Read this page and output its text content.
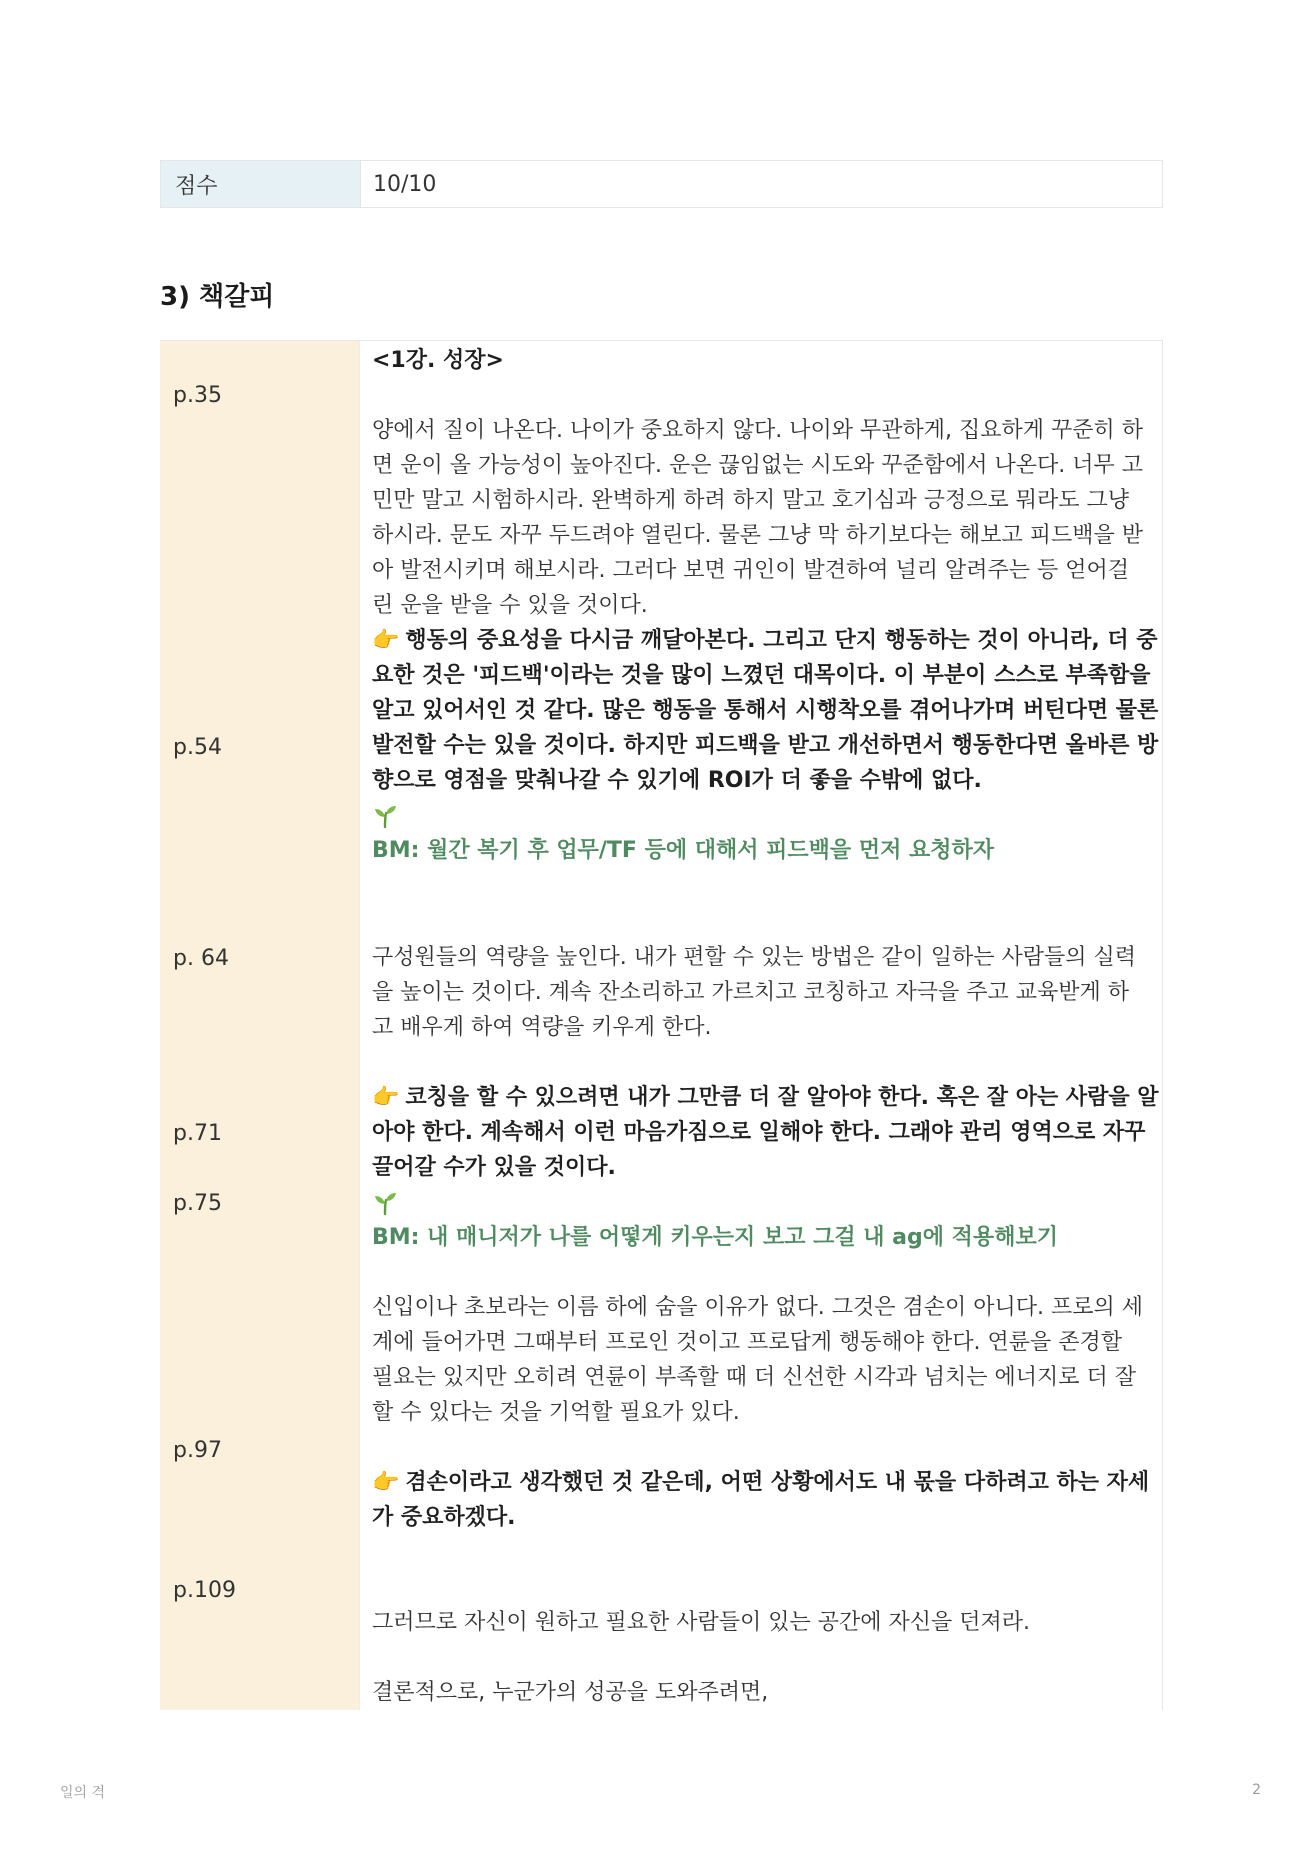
점수	10/10
3) 책갈피
p.35
p.54
p. 64
p.71
p.75
p.97
p.109
<1강. 성장>
양에서 질이 나온다. 나이가 중요하지 않다. 나이와 무관하게, 집요하게 꾸준히 하
면 운이 올 가능성이 높아진다. 운은 끊임없는 시도와 꾸준함에서 나온다. 너무 고
민만 말고 시험하시라. 완벽하게 하려 하지 말고 호기심과 긍정으로 뭐라도 그냥
하시라. 문도 자꾸 두드려야 열린다. 물론 그냥 막 하기보다는 해보고 피드백을 받
아 발전시키며 해보시라. 그러다 보면 귀인이 발견하여 널리 알려주는 등 얻어걸
린 운을 받을 수 있을 것이다.
👉 행동의 중요성을 다시금 깨달아본다. 그리고 단지 행동하는 것이 아니라, 더 중
요한 것은 '피드백'이라는 것을 많이 느꼈던 대목이다. 이 부분이 스스로 부족함을
알고 있어서인 것 같다. 많은 행동을 통해서 시행착오를 겪어나가며 버틴다면 물론
발전할 수는 있을 것이다. 하지만 피드백을 받고 개선하면서 행동한다면 올바른 방
향으로 영점을 맞춰나갈 수 있기에 ROI가 더 좋을 수밖에 없다.
BM: 월간 복기 후 업무/TF 등에 대해서 피드백을 먼저 요청하자
구성원들의 역량을 높인다. 내가 편할 수 있는 방법은 같이 일하는 사람들의 실력
을 높이는 것이다. 계속 잔소리하고 가르치고 코칭하고 자극을 주고 교육받게 하
고 배우게 하여 역량을 키우게 한다.
👉 코칭을 할 수 있으려면 내가 그만큼 더 잘 알아야 한다. 혹은 잘 아는 사람을 알
아야 한다. 계속해서 이런 마음가짐으로 일해야 한다. 그래야 관리 영역으로 자꾸
끌어갈 수가 있을 것이다.
BM: 내 매니저가 나를 어떻게 키우는지 보고 그걸 내 ag에 적용해보기
신입이나 초보라는 이름 하에 숨을 이유가 없다. 그것은 겸손이 아니다. 프로의 세
계에 들어가면 그때부터 프로인 것이고 프로답게 행동해야 한다. 연륜을 존경할
필요는 있지만 오히려 연륜이 부족할 때 더 신선한 시각과 넘치는 에너지로 더 잘
할 수 있다는 것을 기억할 필요가 있다.
👉 겸손이라고 생각했던 것 같은데, 어떤 상황에서도 내 몫을 다하려고 하는 자세
가 중요하겠다.
그러므로 자신이 원하고 필요한 사람들이 있는 공간에 자신을 던져라.
결론적으로, 누군가의 성공을 도와주려면,
일의 격	2
